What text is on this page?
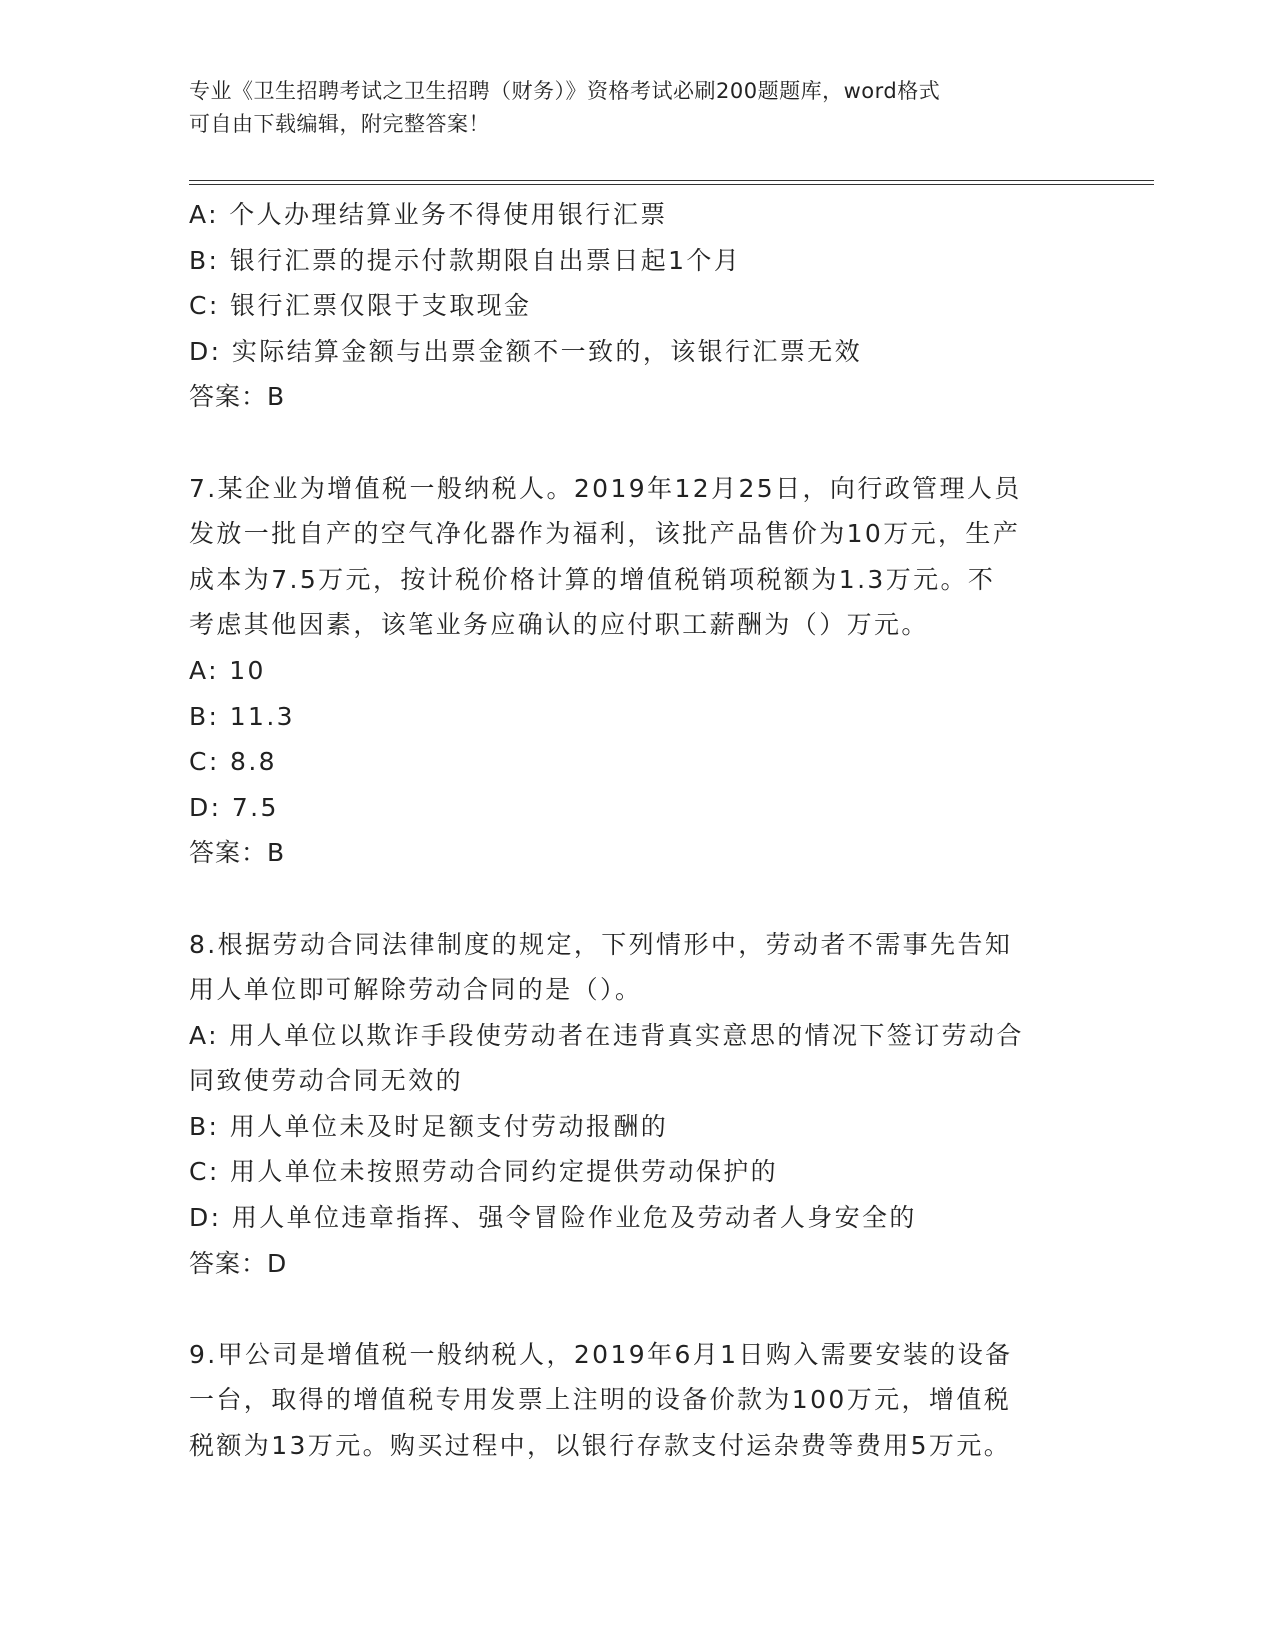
专业《卫生招聘考试之卫生招聘（财务）》资格考试必刷200题题库，word格式
可自由下载编辑，附完整答案！
A: 个人办理结算业务不得使用银行汇票
B: 银行汇票的提示付款期限自出票日起1个月
C: 银行汇票仅限于支取现金
D: 实际结算金额与出票金额不一致的，该银行汇票无效
答案：B
7.某企业为增值税一般纳税人。2019年12月25日，向行政管理人员
发放一批自产的空气净化器作为福利，该批产品售价为10万元，生产
成本为7.5万元，按计税价格计算的增值税销项税额为1.3万元。不
考虑其他因素，该笔业务应确认的应付职工薪酬为（）万元。
A: 10
B: 11.3
C: 8.8
D: 7.5
答案：B
8.根据劳动合同法律制度的规定，下列情形中，劳动者不需事先告知
用人单位即可解除劳动合同的是（）。
A: 用人单位以欺诈手段使劳动者在违背真实意思的情况下签订劳动合
同致使劳动合同无效的
B: 用人单位未及时足额支付劳动报酬的
C: 用人单位未按照劳动合同约定提供劳动保护的
D: 用人单位违章指挥、强令冒险作业危及劳动者人身安全的
答案：D
9.甲公司是增值税一般纳税人，2019年6月1日购入需要安装的设备
一台，取得的增值税专用发票上注明的设备价款为100万元，增值税
税额为13万元。购买过程中，以银行存款支付运杂费等费用5万元。
